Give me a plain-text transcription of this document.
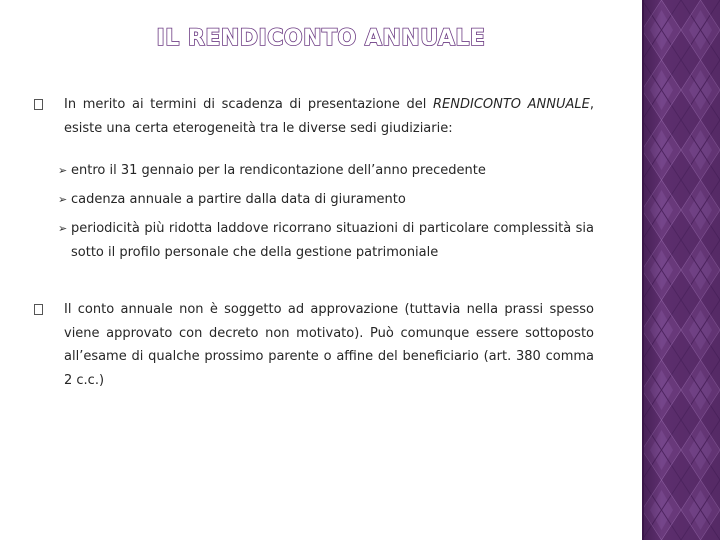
IL RENDICONTO ANNUALE
In merito ai termini di scadenza di presentazione del RENDICONTO ANNUALE, esiste una certa eterogeneità tra le diverse sedi giudiziarie:
➢ entro il 31 gennaio per la rendicontazione dell’anno precedente
➢ cadenza annuale a partire dalla data di giuramento
➢ periodicità più ridotta laddove ricorrano situazioni di particolare complessità sia sotto il profilo personale che della gestione patrimoniale
Il conto annuale non è soggetto ad approvazione (tuttavia nella prassi spesso viene approvato con decreto non motivato). Può comunque essere sottoposto all’esame di qualche prossimo parente o affine del beneficiario (art. 380 comma 2 c.c.)
